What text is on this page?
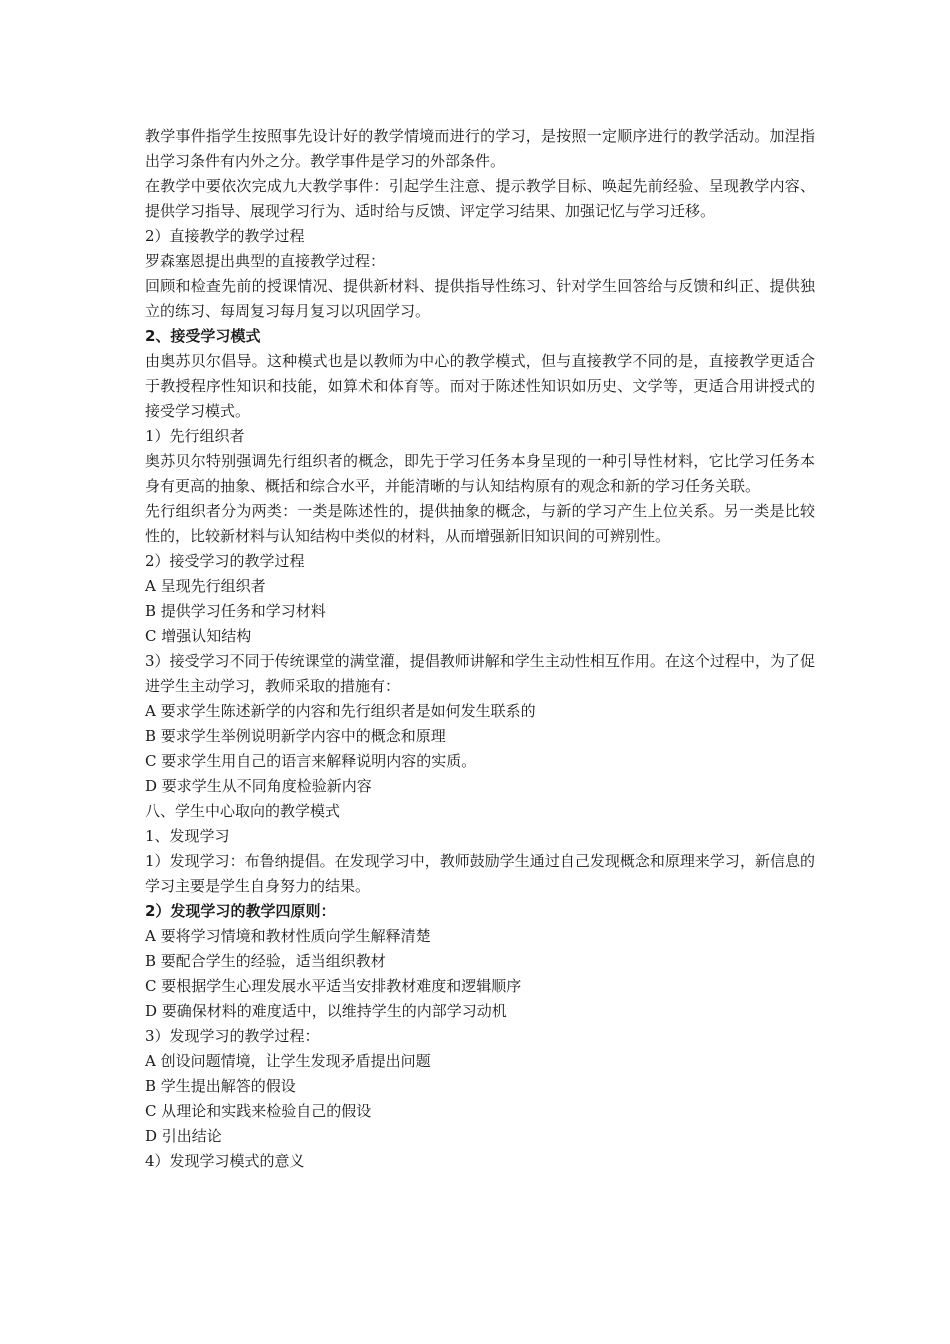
教学事件指学生按照事先设计好的教学情境而进行的学习，是按照一定顺序进行的教学活动。加涅指出学习条件有内外之分。教学事件是学习的外部条件。

在教学中要依次完成九大教学事件：引起学生注意、提示教学目标、唤起先前经验、呈现教学内容、提供学习指导、展现学习行为、适时给与反馈、评定学习结果、加强记忆与学习迁移。

2）直接教学的教学过程

罗森塞恩提出典型的直接教学过程：

回顾和检查先前的授课情况、提供新材料、提供指导性练习、针对学生回答给与反馈和纠正、提供独立的练习、每周复习每月复习以巩固学习。

2、接受学习模式

由奥苏贝尔倡导。这种模式也是以教师为中心的教学模式，但与直接教学不同的是，直接教学更适合于教授程序性知识和技能，如算术和体育等。而对于陈述性知识如历史、文学等，更适合用讲授式的接受学习模式。

1）先行组织者

奥苏贝尔特别强调先行组织者的概念，即先于学习任务本身呈现的一种引导性材料，它比学习任务本身有更高的抽象、概括和综合水平，并能清晰的与认知结构原有的观念和新的学习任务关联。

先行组织者分为两类：一类是陈述性的，提供抽象的概念，与新的学习产生上位关系。另一类是比较性的，比较新材料与认知结构中类似的材料，从而增强新旧知识间的可辨别性。

2）接受学习的教学过程

A 呈现先行组织者

B 提供学习任务和学习材料

C 增强认知结构

3）接受学习不同于传统课堂的满堂灌，提倡教师讲解和学生主动性相互作用。在这个过程中，为了促进学生主动学习，教师采取的措施有：

A 要求学生陈述新学的内容和先行组织者是如何发生联系的

B 要求学生举例说明新学内容中的概念和原理

C 要求学生用自己的语言来解释说明内容的实质。

D 要求学生从不同角度检验新内容

八、学生中心取向的教学模式

1、发现学习

1）发现学习：布鲁纳提倡。在发现学习中，教师鼓励学生通过自己发现概念和原理来学习，新信息的学习主要是学生自身努力的结果。

2）发现学习的教学四原则：

A 要将学习情境和教材性质向学生解释清楚

B 要配合学生的经验，适当组织教材

C 要根据学生心理发展水平适当安排教材难度和逻辑顺序

D 要确保材料的难度适中，以维持学生的内部学习动机

3）发现学习的教学过程：

A 创设问题情境，让学生发现矛盾提出问题

B 学生提出解答的假设

C 从理论和实践来检验自己的假设

D 引出结论

4）发现学习模式的意义
